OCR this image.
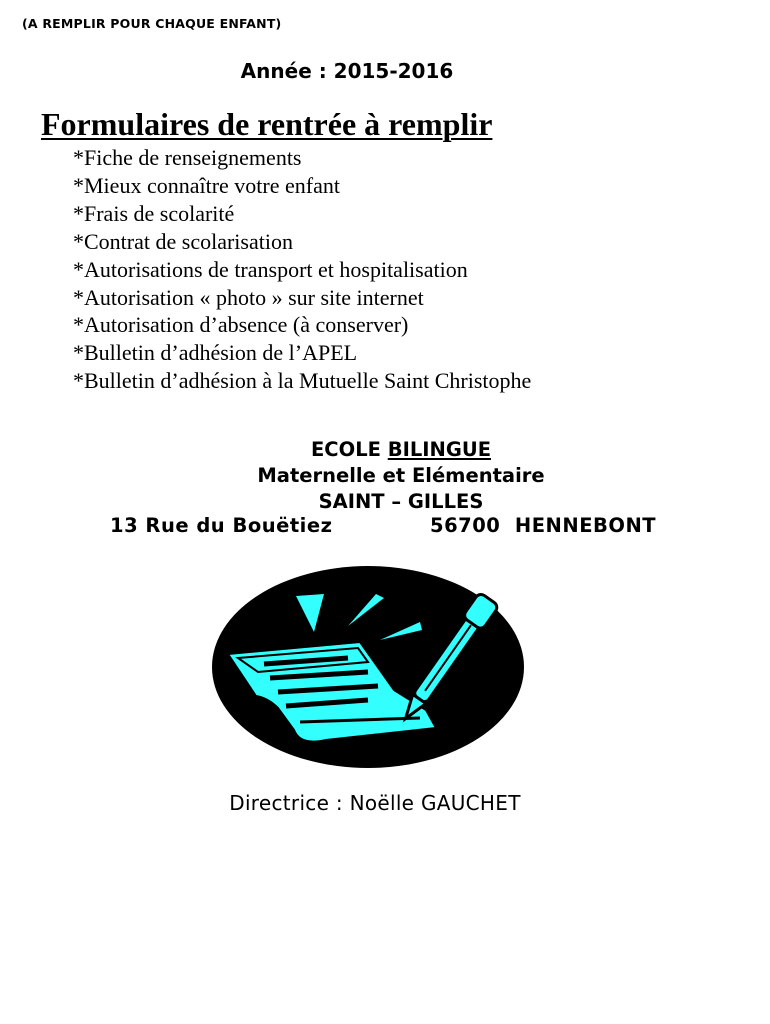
(A REMPLIR POUR CHAQUE ENFANT)
Année : 2015-2016
Formulaires de rentrée à remplir
*Fiche de renseignements
*Mieux connaître votre enfant
*Frais de scolarité
*Contrat de scolarisation
*Autorisations de transport et hospitalisation
*Autorisation « photo » sur site internet
*Autorisation d’absence (à conserver)
*Bulletin d’adhésion de l’APEL
*Bulletin d’adhésion à la Mutuelle Saint Christophe
ECOLE BILINGUE
Maternelle et Elémentaire
SAINT – GILLES
13 Rue du Bouëtiez	56700 HENNEBONT
Directrice : Noëlle GAUCHET
